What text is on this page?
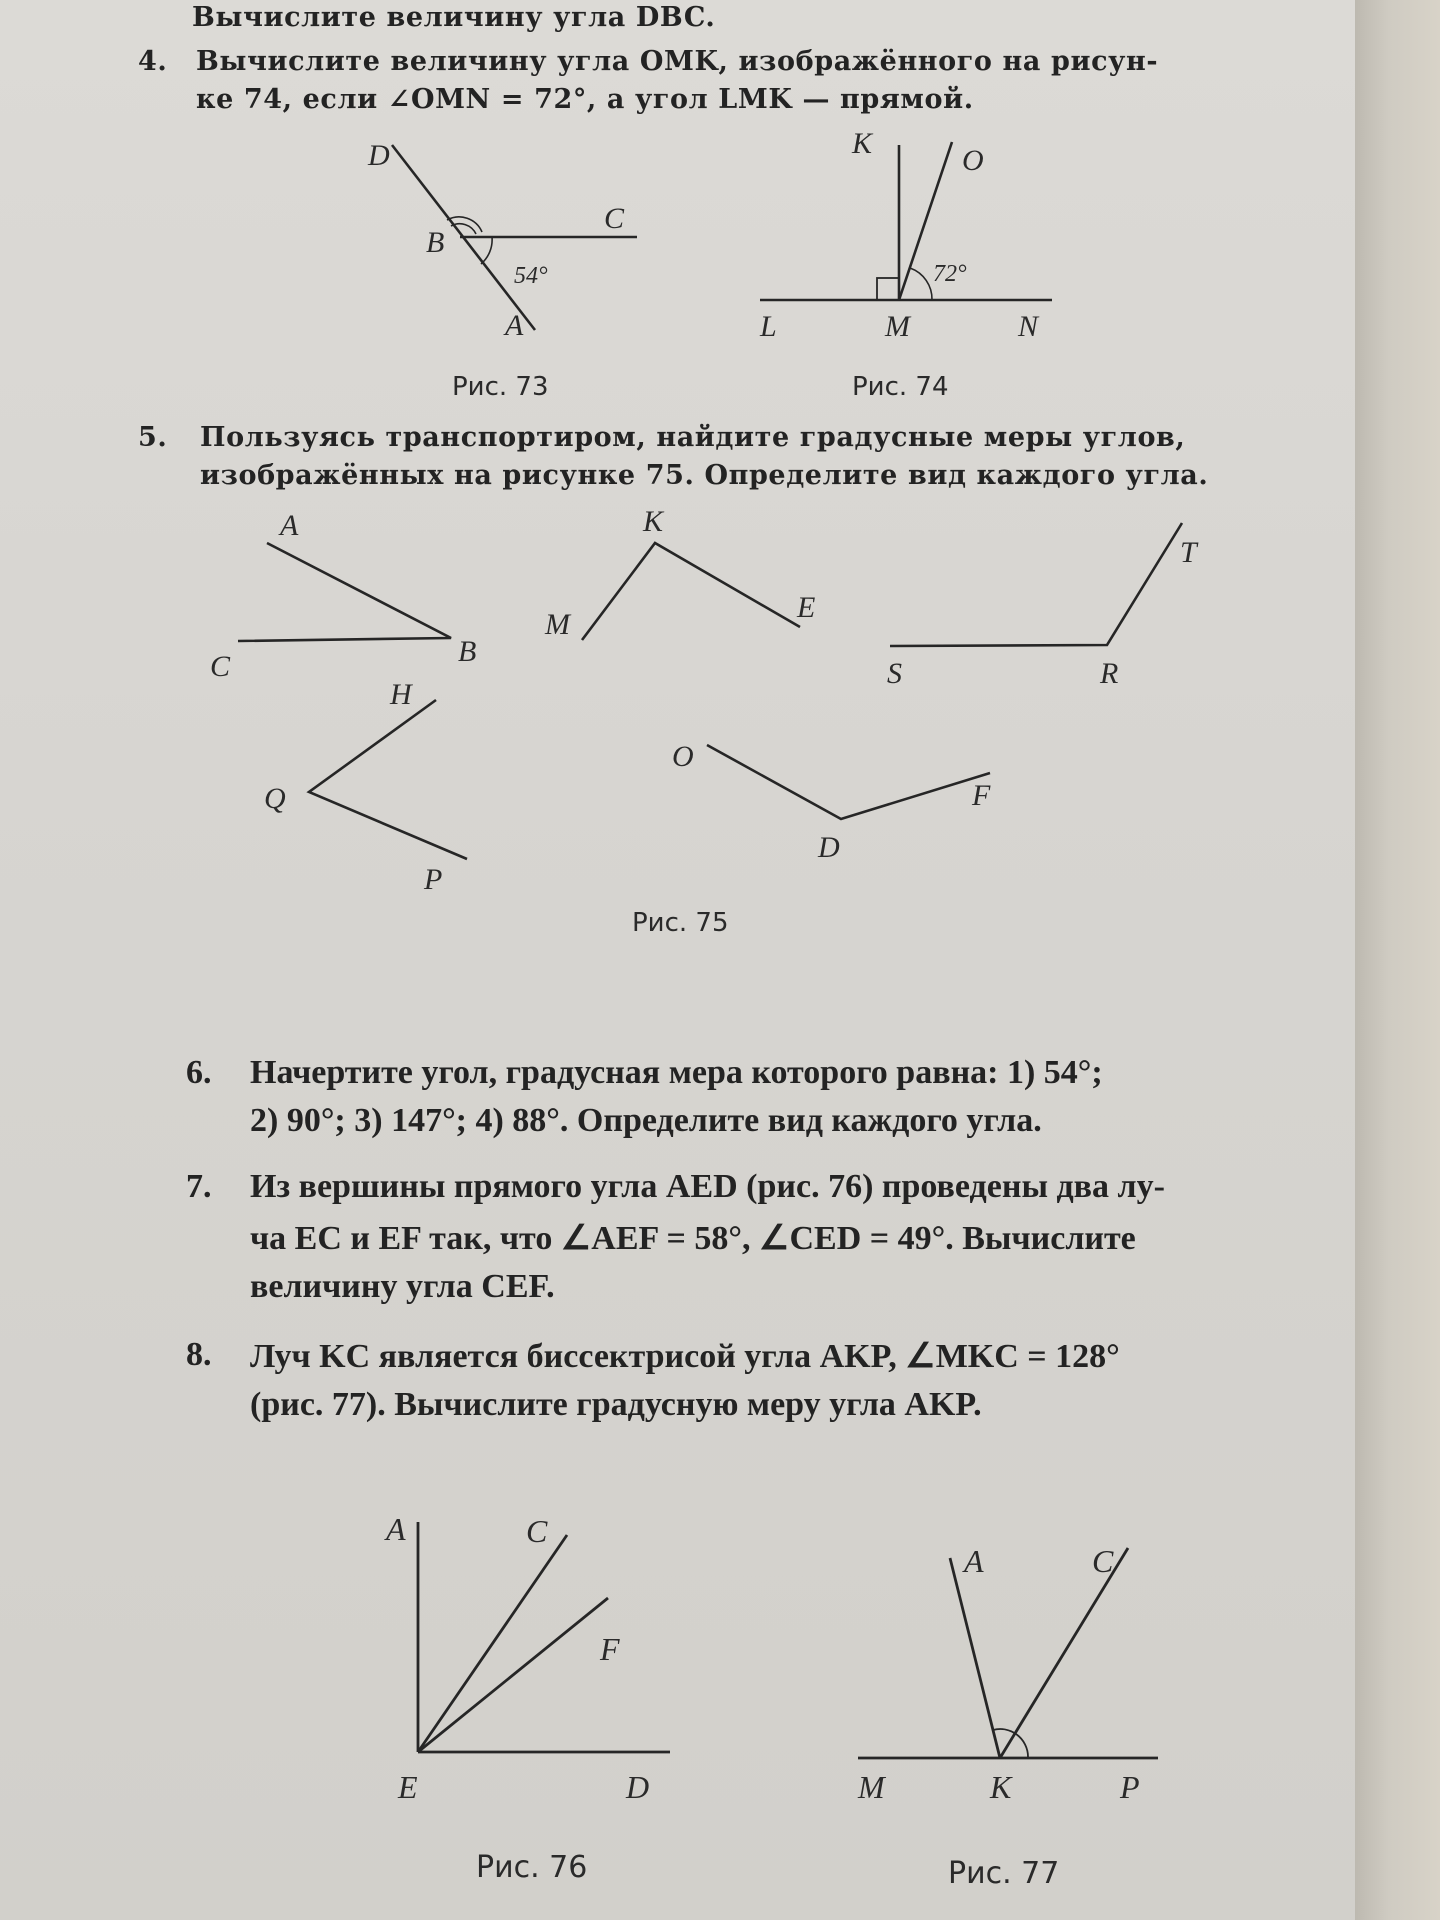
Вычислите величину угла DBC.
4. Вычислите величину угла OMK, изображённого на рисун-
ке 74, если ∠OMN = 72°, а угол LMK — прямой.
D
B
C
A
54°
K
O
72°
L	M	N
A
B
C
K
M
E
T
S	R
H
Q
P
O
F
D
A	C
F
E	D
A	C
M	K	P
Рис. 73	Рис. 74
5. Пользуясь транспортиром, найдите градусные меры углов,
изображённых на рисунке 75. Определите вид каждого угла.
Рис. 75
6. Начертите угол, градусная мера которого равна: 1) 54°;
2) 90°; 3) 147°; 4) 88°. Определите вид каждого угла.
7. Из вершины прямого угла AED (рис. 76) проведены два лу-
ча EC и EF так, что ∠AEF = 58°, ∠CED = 49°. Вычислите
величину угла CEF.
8. Луч KC является биссектрисой угла AKP, ∠MKC = 128°
(рис. 77). Вычислите градусную меру угла AKP.
Рис. 76	Рис. 77
